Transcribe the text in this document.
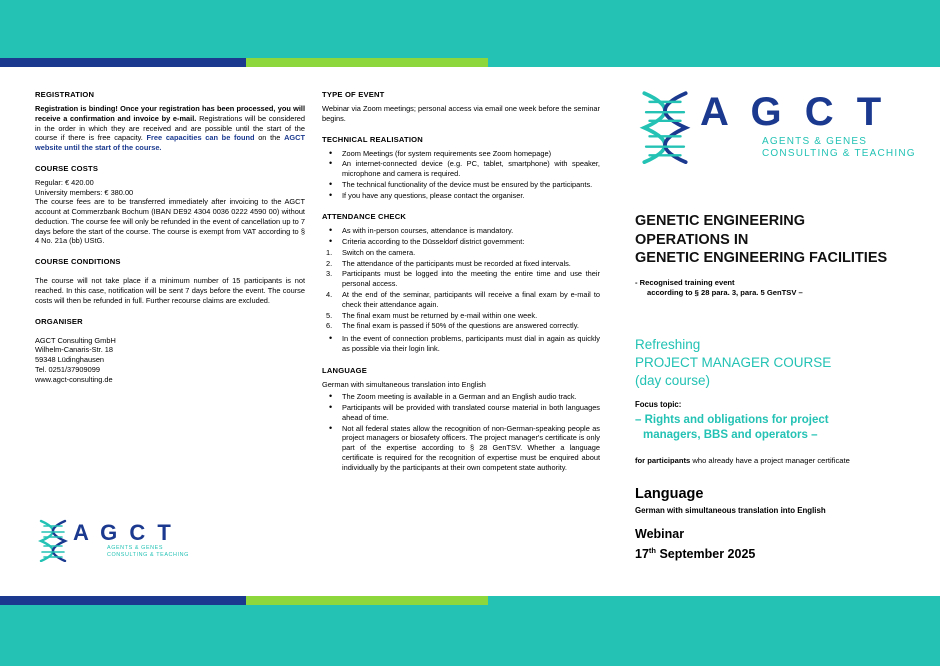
REGISTRATION

Registration is binding! Once your registration has been processed, you will receive a confirmation and invoice by e-mail. Registrations will be considered in the order in which they are received and are possible until the start of the course if there is free capacity. Free capacities can be found on the AGCT website until the start of the course.

COURSE COSTS

Regular: € 420.00

University members: € 380.00

The course fees are to be transferred immediately after invoicing to the AGCT account at Commerzbank Bochum (IBAN DE92 4304 0036 0222 4590 00) without deduction. The course fee will only be refunded in the event of cancellation up to 7 days before the start of the course. The course is exempt from VAT according to § 4 No. 21a (bb) UStG.

COURSE CONDITIONS

The course will not take place if a minimum number of 15 participants is not reached. In this case, notification will be sent 7 days before the event. The course costs will then be refunded in full. Further recourse claims are excluded.

ORGANISER

AGCT Consulting GmbH

Wilhelm-Canaris-Str. 18

59348 Lüdinghausen

Tel. 0251/37909099

www.agct-consulting.de

A G C T
AGENTS & GENES
CONSULTING & TEACHING
TYPE OF EVENT

Webinar via Zoom meetings; personal access via email one week before the seminar begins.

TECHNICAL REALISATION
• Zoom Meetings (for system requirements see Zoom homepage)
• An internet-connected device (e.g. PC, tablet, smartphone) with speaker, microphone and camera is required.
• The technical functionality of the device must be ensured by the participants.
• If you have any questions, please contact the organiser.
ATTENDANCE CHECK
• As with in-person courses, attendance is mandatory.
• Criteria according to the Düsseldorf district government:
Switch on the camera.
The attendance of the participants must be recorded at fixed intervals.
Participants must be logged into the meeting the entire time and use their personal access.
At the end of the seminar, participants will receive a final exam by e-mail to check their attendance again.
The final exam must be returned by e-mail within one week.
The final exam is passed if 50% of the questions are answered correctly.
• In the event of connection problems, participants must dial in again as quickly as possible via their login link.
LANGUAGE

German with simultaneous translation into English

• The Zoom meeting is available in a German and an English audio track.
• Participants will be provided with translated course material in both languages ahead of time.
• Not all federal states allow the recognition of non-German-speaking people as project managers or biosafety officers. The project manager's certificate is only part of the expertise according to § 28 GenTSV. Whether a language certificate is required for the recognition of expertise must be enquired about individually by the participants at their own competent state authority.
A G C T
AGENTS & GENES
CONSULTING & TEACHING
GENETIC ENGINEERING
OPERATIONS IN
GENETIC ENGINEERING FACILITIES
- Recognised training event
according to § 28 para. 3, para. 5 GenTSV –
Refreshing
PROJECT MANAGER COURSE
(day course)
Focus topic:
– Rights and obligations for project
managers, BBS and operators –
for participants who already have a project manager certificate
Language
German with simultaneous translation into English
Webinar
17th September 2025
